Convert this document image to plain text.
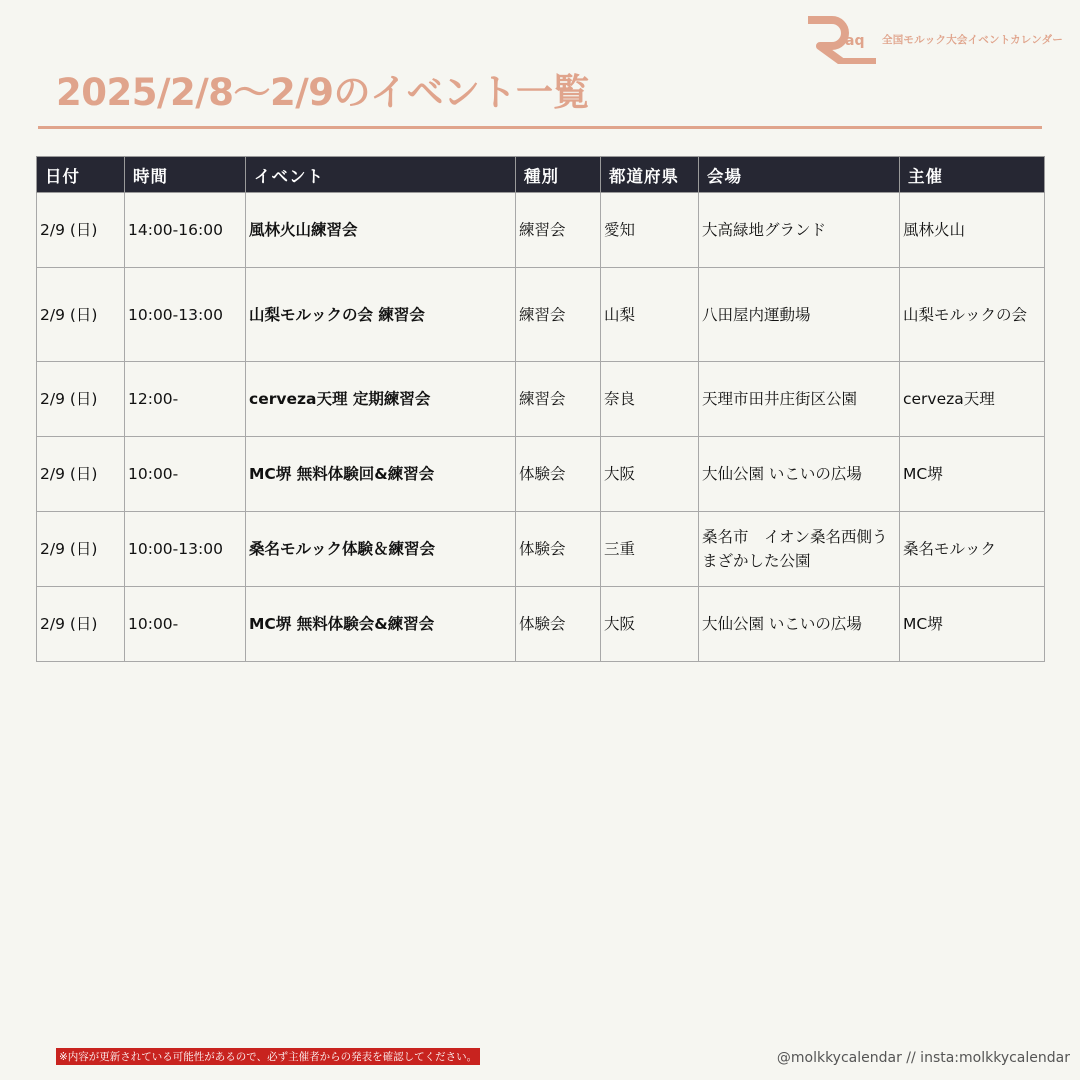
aq 全国モルック大会イベントカレンダー
2025/2/8～2/9のイベント一覧
日付	時間	イベント	種別	都道府県	会場	主催
2/9 (日)	14:00-16:00	風林火山練習会	練習会	愛知	大高緑地グランド	風林火山
2/9 (日)	10:00-13:00	山梨モルックの会 練習会	練習会	山梨	八田屋内運動場	山梨モルックの会
2/9 (日)	12:00-	cerveza天理 定期練習会	練習会	奈良	天理市田井庄街区公園	cerveza天理
2/9 (日)	10:00-	MC堺 無料体験回&練習会	体験会	大阪	大仙公園 いこいの広場	MC堺
2/9 (日)	10:00-13:00	桑名モルック体験＆練習会	体験会	三重	桑名市　イオン桑名西側うまざかした公園	桑名モルック
2/9 (日)	10:00-	MC堺 無料体験会&練習会	体験会	大阪	大仙公園 いこいの広場	MC堺
※内容が更新されている可能性があるので、必ず主催者からの発表を確認してください。	@molkkycalendar // insta:molkkycalendar
